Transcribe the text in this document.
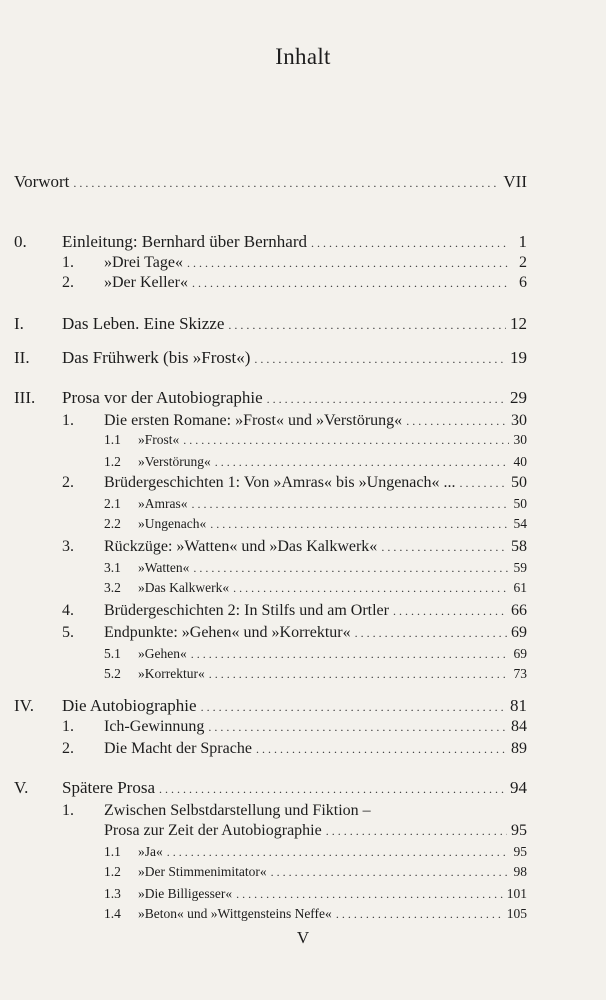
Inhalt
Vorwort . . .	VII
0. Einleitung: Bernhard über Bernhard . . .	1
1. »Drei Tage« . . .	2
2. »Der Keller« . . .	6
I. Das Leben. Eine Skizze . . .	12
II. Das Frühwerk (bis »Frost«) . . .	19
III. Prosa vor der Autobiographie . . .	29
1. Die ersten Romane: »Frost« und »Verstörung« . . .	30
1.1 »Frost« . . .	30
1.2 »Verstörung« . . .	40
2. Brüdergeschichten 1: Von »Amras« bis »Ungenach« ... . . .	50
2.1 »Amras« . . .	50
2.2 »Ungenach« . . .	54
3. Rückzüge: »Watten« und »Das Kalkwerk« . . .	58
3.1 »Watten« . . .	59
3.2 »Das Kalkwerk« . . .	61
4. Brüdergeschichten 2: In Stilfs und am Ortler . . .	66
5. Endpunkte: »Gehen« und »Korrektur« . . .	69
5.1 »Gehen« . . .	69
5.2 »Korrektur« . . .	73
IV. Die Autobiographie . . .	81
1. Ich-Gewinnung . . .	84
2. Die Macht der Sprache . . .	89
V. Spätere Prosa . . .	94
1. Zwischen Selbstdarstellung und Fiktion –
Prosa zur Zeit der Autobiographie . . .	95
1.1 »Ja« . . .	95
1.2 »Der Stimmenimitator« . . .	98
1.3 »Die Billigesser« . . .	101
1.4 »Beton« und »Wittgensteins Neffe« . . .	105
V
